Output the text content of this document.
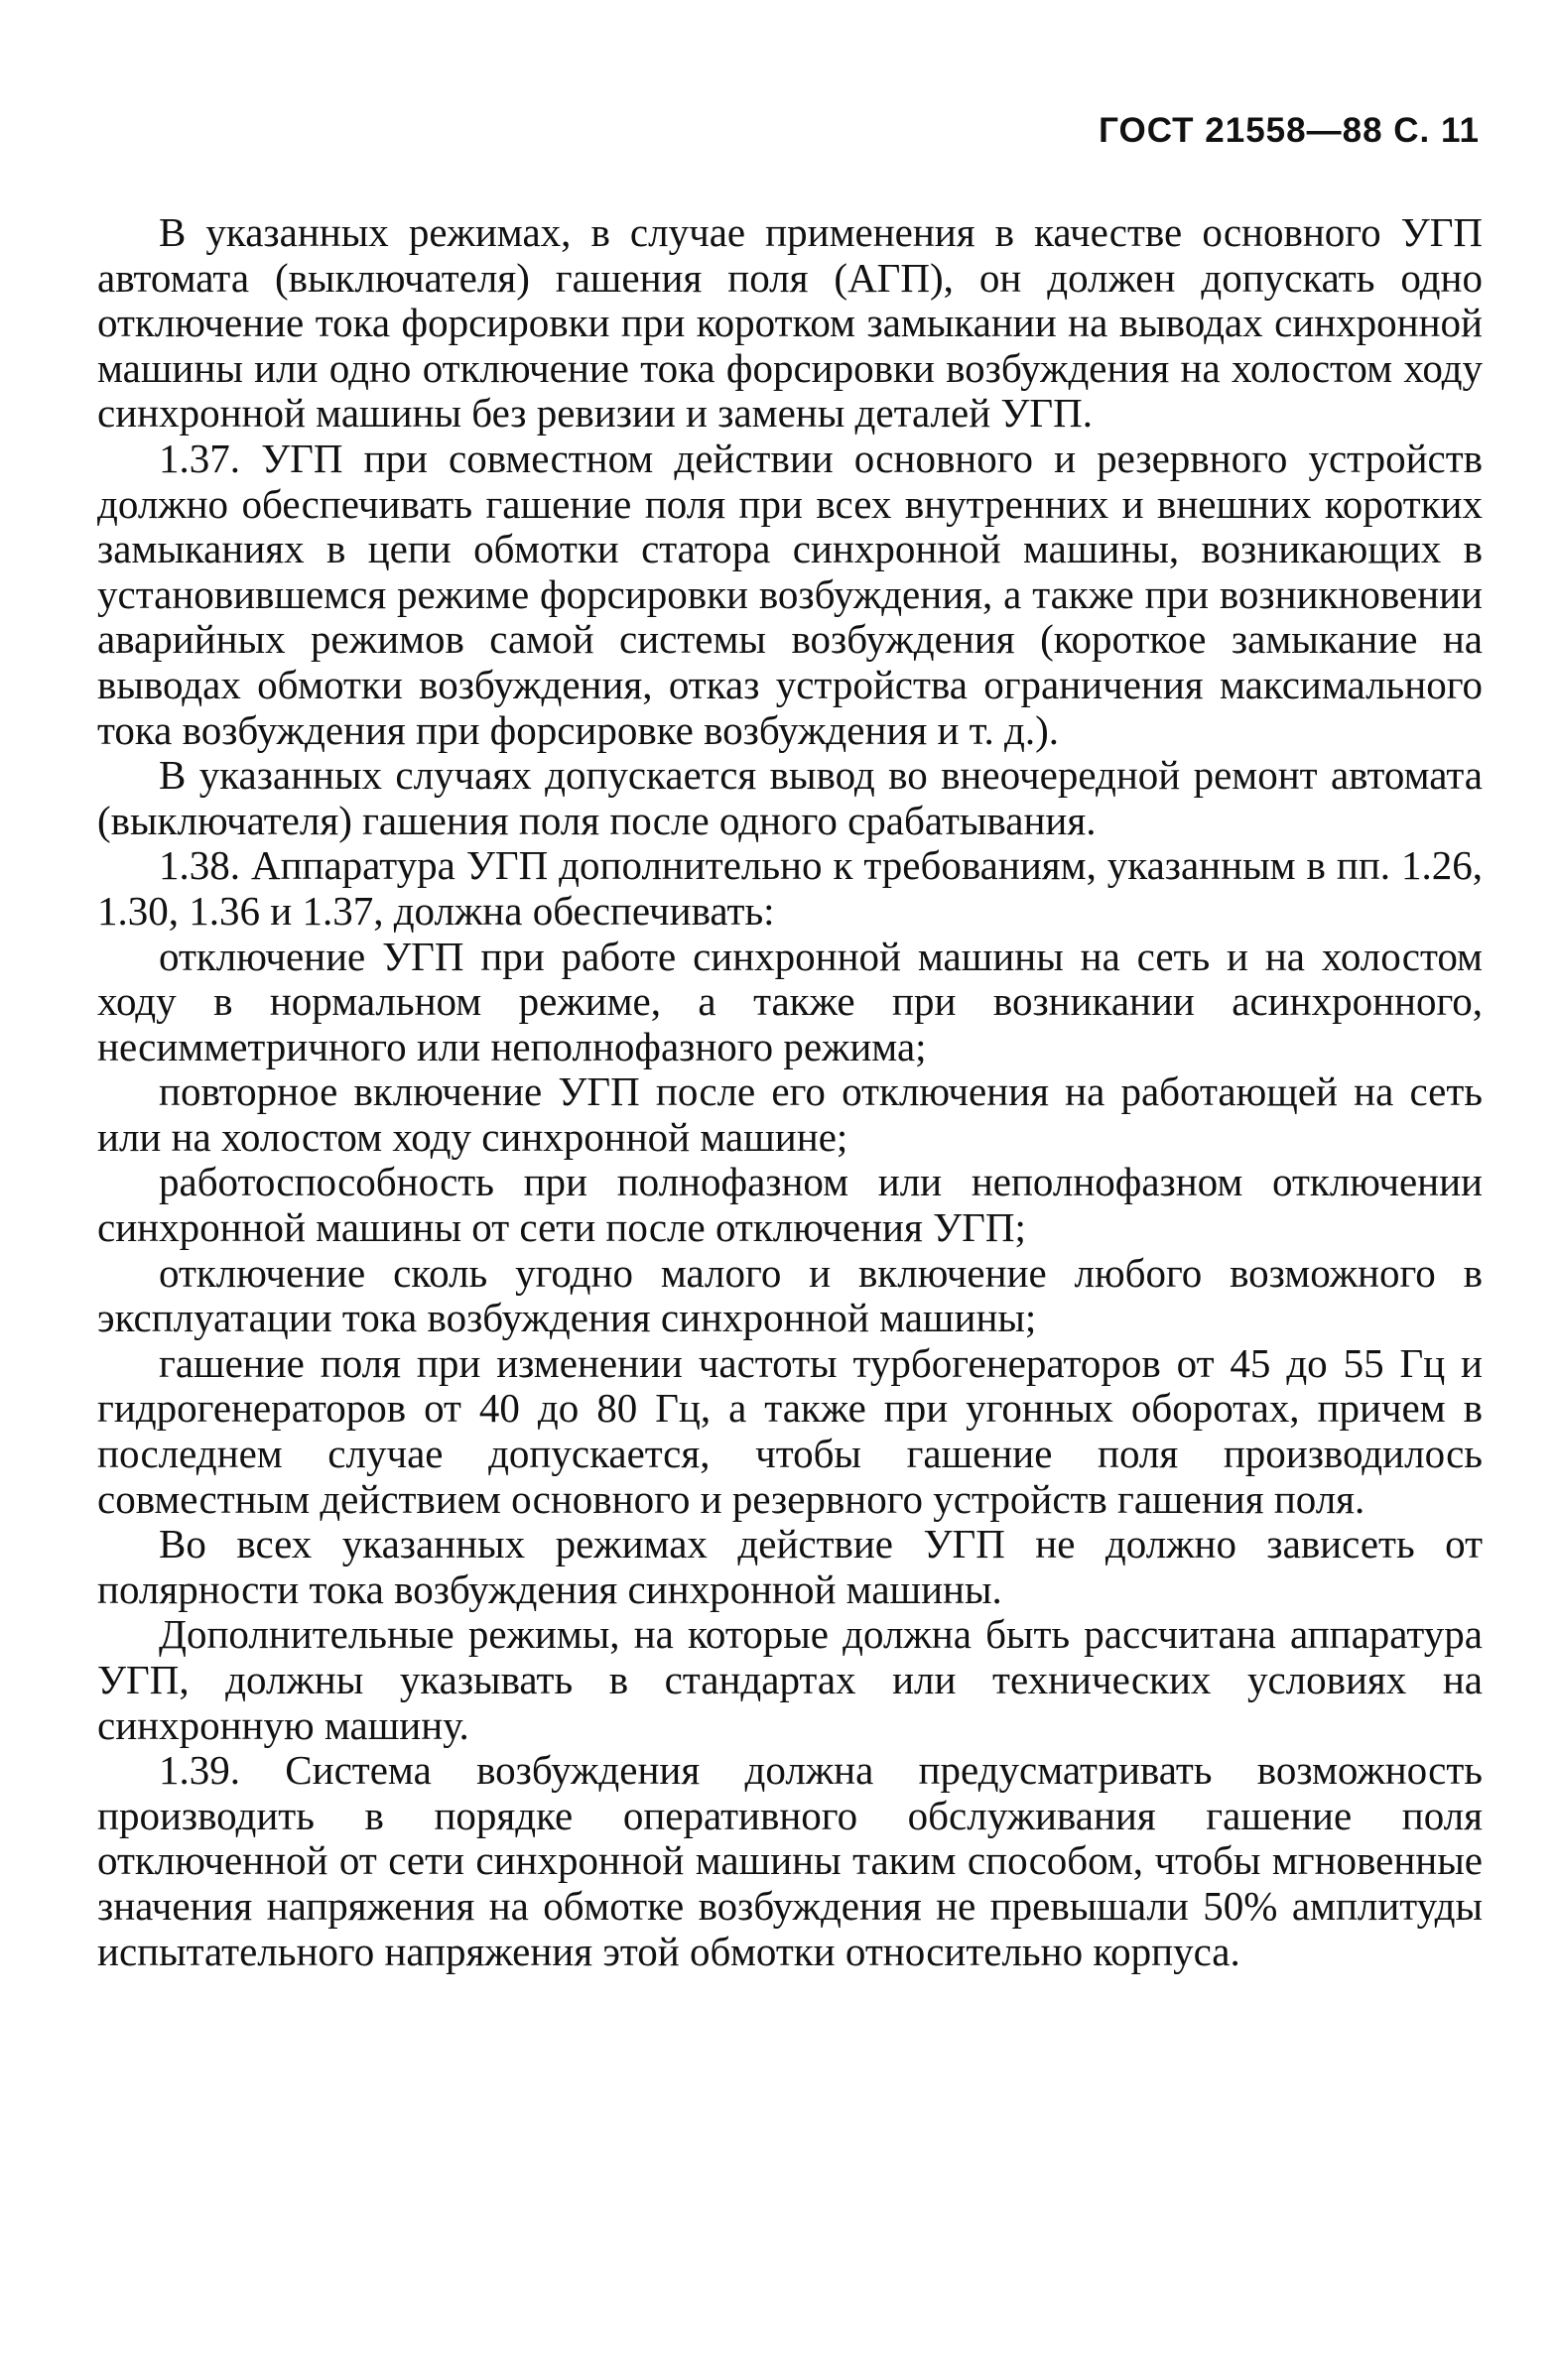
ГОСТ 21558—88 С. 11

В указанных режимах, в случае применения в качестве основного УГП автомата (выключателя) гашения поля (АГП), он должен допускать одно отключение тока форсировки при коротком замыкании на выводах синхронной машины или одно отключение тока форсировки возбуждения на холостом ходу синхронной машины без ревизии и замены деталей УГП.

1.37. УГП при совместном действии основного и резервного устройств должно обеспечивать гашение поля при всех внутренних и внешних коротких замыканиях в цепи обмотки статора синхронной машины, возникающих в установившемся режиме форсировки возбуждения, а также при возникновении аварийных режимов самой системы возбуждения (короткое замыкание на выводах обмотки возбуждения, отказ устройства ограничения максимального тока возбуждения при форсировке возбуждения и т. д.).

В указанных случаях допускается вывод во внеочередной ремонт автомата (выключателя) гашения поля после одного срабатывания.

1.38. Аппаратура УГП дополнительно к требованиям, указанным в пп. 1.26, 1.30, 1.36 и 1.37, должна обеспечивать:

отключение УГП при работе синхронной машины на сеть и на холостом ходу в нормальном режиме, а также при возникании асинхронного, несимметричного или неполнофазного режима;

повторное включение УГП после его отключения на работающей на сеть или на холостом ходу синхронной машине;

работоспособность при полнофазном или неполнофазном отключении синхронной машины от сети после отключения УГП;

отключение сколь угодно малого и включение любого возможного в эксплуатации тока возбуждения синхронной машины;

гашение поля при изменении частоты турбогенераторов от 45 до 55 Гц и гидрогенераторов от 40 до 80 Гц, а также при угонных оборотах, причем в последнем случае допускается, чтобы гашение поля производилось совместным действием основного и резервного устройств гашения поля.

Во всех указанных режимах действие УГП не должно зависеть от полярности тока возбуждения синхронной машины.

Дополнительные режимы, на которые должна быть рассчитана аппаратура УГП, должны указывать в стандартах или технических условиях на синхронную машину.

1.39. Система возбуждения должна предусматривать возможность производить в порядке оперативного обслуживания гашение поля отключенной от сети синхронной машины таким способом, чтобы мгновенные значения напряжения на обмотке возбуждения не превышали 50% амплитуды испытательного напряжения этой обмотки относительно корпуса.
